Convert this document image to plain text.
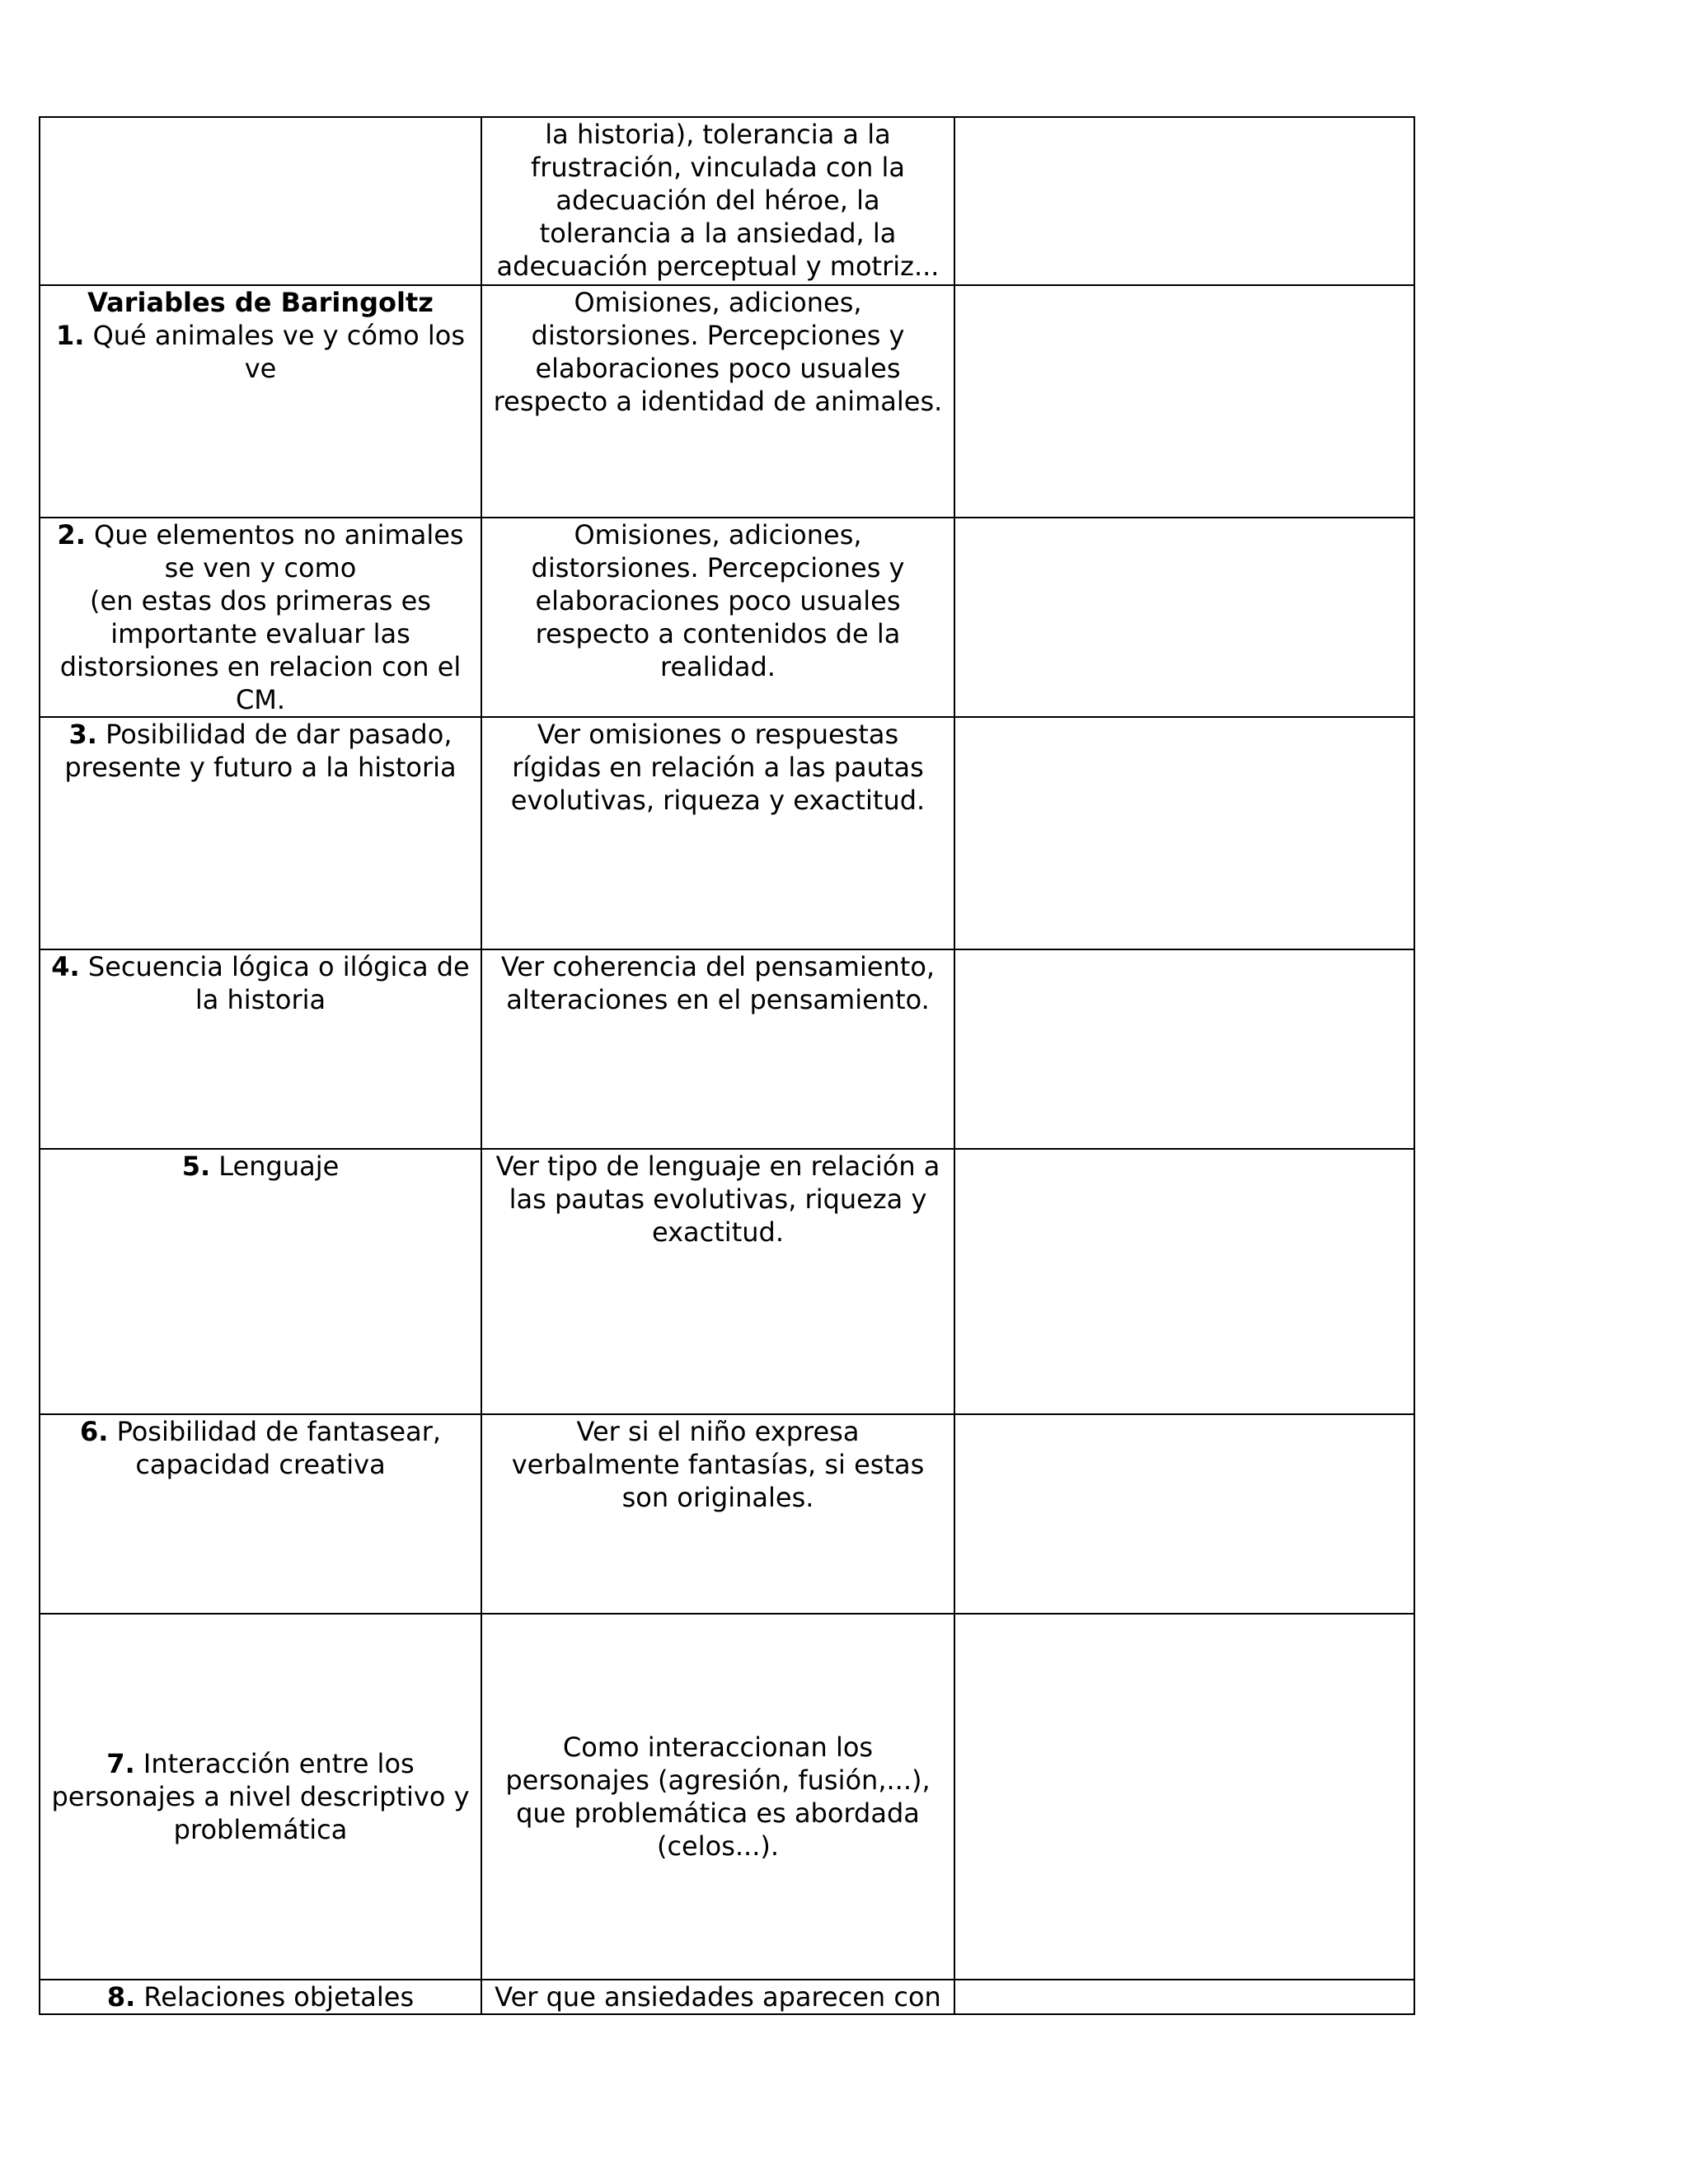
	la historia), tolerancia a la frustración, vinculada con la adecuación del héroe, la tolerancia a la ansiedad, la adecuación perceptual y motriz...	

Variables de Baringoltz
1. Qué animales ve y cómo los ve	Omisiones, adiciones, distorsiones. Percepciones y elaboraciones poco usuales respecto a identidad de animales.	

2. Que elementos no animales se ven y como
(en estas dos primeras es importante evaluar las distorsiones en relacion con el CM.	Omisiones, adiciones, distorsiones. Percepciones y elaboraciones poco usuales respecto a contenidos de la realidad.	

3. Posibilidad de dar pasado, presente y futuro a la historia	Ver omisiones o respuestas rígidas en relación a las pautas evolutivas, riqueza y exactitud.	

4. Secuencia lógica o ilógica de la historia	Ver coherencia del pensamiento, alteraciones en el pensamiento.	

5. Lenguaje	Ver tipo de lenguaje en relación a las pautas evolutivas, riqueza y exactitud.	

6. Posibilidad de fantasear, capacidad creativa	Ver si el niño expresa verbalmente fantasías, si estas son originales.	

7. Interacción entre los personajes a nivel descriptivo y problemática	Como interaccionan los personajes (agresión, fusión,...), que problemática es abordada (celos...).	

8. Relaciones objetales	Ver que ansiedades aparecen con	
